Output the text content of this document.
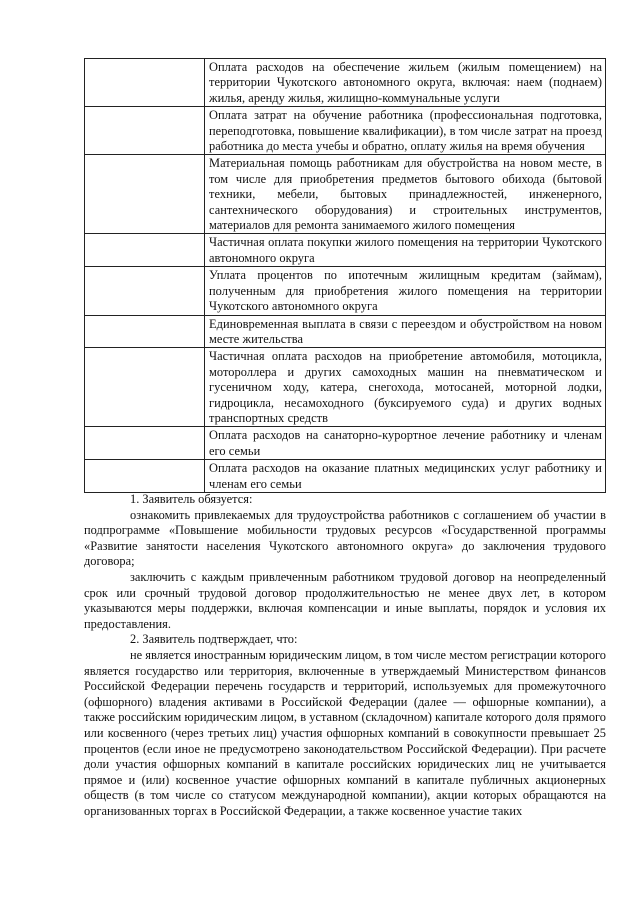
	Оплата расходов на обеспечение жильем (жилым помещением) на территории Чукотского автономного округа, включая: наем (поднаем) жилья, аренду жилья, жилищно-коммунальные услуги
	Оплата затрат на обучение работника (профессиональная подготовка, переподготовка, повышение квалификации), в том числе затрат на проезд работника до места учебы и обратно, оплату жилья на время обучения
	Материальная помощь работникам для обустройства на новом месте, в том числе для приобретения предметов бытового обихода (бытовой техники, мебели, бытовых принадлежностей, инженерного, сантехнического оборудования) и строительных инструментов, материалов для ремонта занимаемого жилого помещения
	Частичная оплата покупки жилого помещения на территории Чукотского автономного округа
	Уплата процентов по ипотечным жилищным кредитам (займам), полученным для приобретения жилого помещения на территории Чукотского автономного округа
	Единовременная выплата в связи с переездом и обустройством на новом месте жительства
	Частичная оплата расходов на приобретение автомобиля, мотоцикла, мотороллера и других самоходных машин на пневматическом и гусеничном ходу, катера, снегохода, мотосаней, моторной лодки, гидроцикла, несамоходного (буксируемого суда) и других водных транспортных средств
	Оплата расходов на санаторно-курортное лечение работнику и членам его семьи
	Оплата расходов на оказание платных медицинских услуг работнику и членам его семьи

1. Заявитель обязуется:

ознакомить привлекаемых для трудоустройства работников с соглашением об участии в подпрограмме «Повышение мобильности трудовых ресурсов «Государственной программы «Развитие занятости населения Чукотского автономного округа» до заключения трудового договора;

заключить с каждым привлеченным работником трудовой договор на неопределенный срок или срочный трудовой договор продолжительностью не менее двух лет, в котором указываются меры поддержки, включая компенсации и иные выплаты, порядок и условия их предоставления.

2. Заявитель подтверждает, что:

не является иностранным юридическим лицом, в том числе местом регистрации которого является государство или территория, включенные в утверждаемый Министерством финансов Российской Федерации перечень государств и территорий, используемых для промежуточного (офшорного) владения активами в Российской Федерации (далее — офшорные компании), а также российским юридическим лицом, в уставном (складочном) капитале которого доля прямого или косвенного (через третьих лиц) участия офшорных компаний в совокупности превышает 25 процентов (если иное не предусмотрено законодательством Российской Федерации). При расчете доли участия офшорных компаний в капитале российских юридических лиц не учитывается прямое и (или) косвенное участие офшорных компаний в капитале публичных акционерных обществ (в том числе со статусом международной компании), акции которых обращаются на организованных торгах в Российской Федерации, а также косвенное участие таких
